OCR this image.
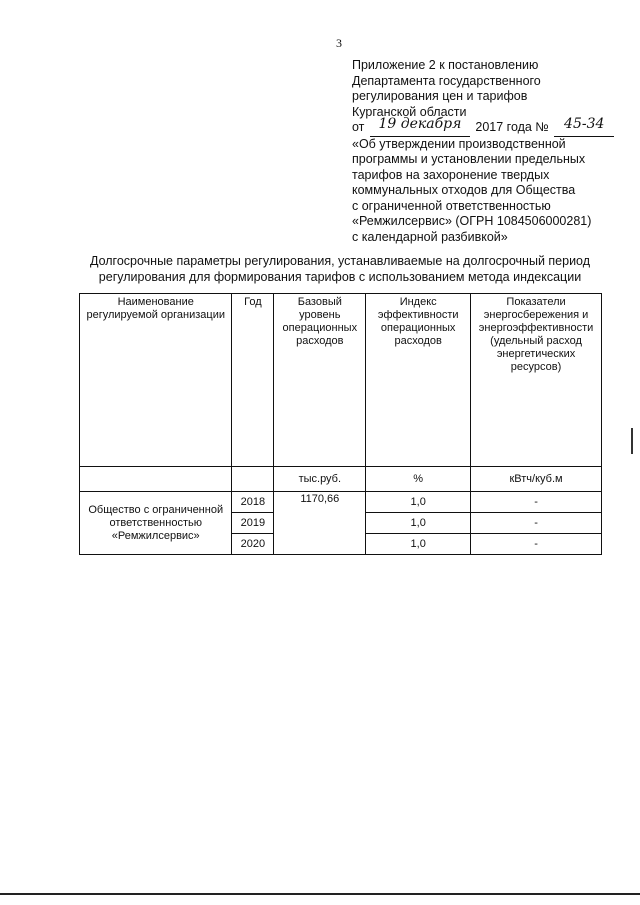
3
Приложение 2 к постановлению
Департамента государственного
регулирования цен и тарифов
Курганской области
от 19 декабря 2017 года № 45-34
«Об утверждении производственной
программы и установлении предельных
тарифов на захоронение твердых
коммунальных отходов для Общества
с ограниченной ответственностью
«Ремжилсервис» (ОГРН 1084506000281)
с календарной разбивкой»
Долгосрочные параметры регулирования, устанавливаемые на долгосрочный период
регулирования для формирования тарифов с использованием метода индексации
Наименование регулируемой организации	Год	Базовый уровень операционных расходов	Индекс эффективности операционных расходов	Показатели энергосбережения и энергоэффективности (удельный расход энергетических ресурсов)
		тыс.руб.	%	кВтч/куб.м
Общество с ограниченной ответственностью «Ремжилсервис»	2018	1170,66	1,0	-
	2019		1,0	-
	2020		1,0	-
